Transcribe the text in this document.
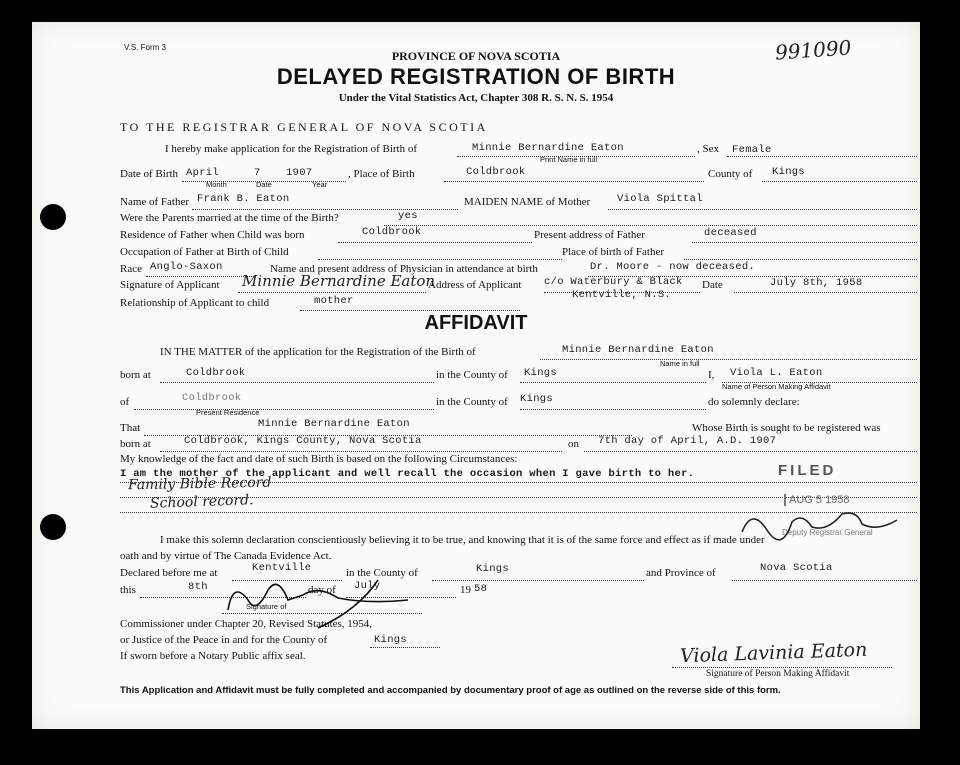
V.S. Form 3	991090
PROVINCE OF NOVA SCOTIA
DELAYED REGISTRATION OF BIRTH
Under the Vital Statistics Act, Chapter 308 R. S. N. S. 1954
TO THE REGISTRAR GENERAL OF NOVA SCOTIA
I hereby make application for the Registration of Birth of	Minnie Bernardine Eaton
Print Name in full
, Sex Female
Date of Birth April	7 1907
Month	Date	Year
, Place of Birth	Coldbrook	County of Kings
Name of Father Frank B. Eaton	MAIDEN NAME of Mother	Viola Spittal
Were the Parents married at the time of the Birth?	yes
Residence of Father when Child was born	Coldbrook	Present address of Father	deceased
Occupation of Father at Birth of Child	Place of birth of Father
Race Anglo-Saxon	Name and present address of Physician in attendance at birth	Dr. Moore - now deceased.
Signature of Applicant Minnie Bernardine Eaton
Address of Applicant c/o Waterbury & Black
Kentville, N.S.
Date	July 8th, 1958
Relationship of Applicant to child	mother
AFFIDAVIT
IN THE MATTER of the application for the Registration of the Birth of	Minnie Bernardine Eaton
Name in full
born at	Coldbrook	in the County of Kings	I, Viola L. Eaton
Name of Person Making Affidavit
of	Coldbrook
Present Residence
in the County of Kings	do solemnly declare:
That	Minnie Bernardine Eaton	Whose Birth is sought to be registered was
born at	Coldbrook, Kings County, Nova Scotia	on 7th day of April, A.D. 1907
My knowledge of the fact and date of such Birth is based on the following Circumstances:
I am the mother of the applicant and well recall the occasion when I gave birth to her.
Family Bible Record
School record.
FILED
AUG 5 1958
Deputy Registrar General
I make this solemn declaration conscientiously believing it to be true, and knowing that it is of the same force and effect as if made under
oath and by virtue of The Canada Evidence Act.
Declared before me at	Kentville	in the County of	Kings	and Province of	Nova Scotia
this	8th	day of July	19 58
Signature of
Commissioner under Chapter 20, Revised Statutes, 1954,
or Justice of the Peace in and for the County of	Kings
If sworn before a Notary Public affix seal.	Viola Lavinia Eaton
Signature of Person Making Affidavit
This Application and Affidavit must be fully completed and accompanied by documentary proof of age as outlined on the reverse side of this form.
